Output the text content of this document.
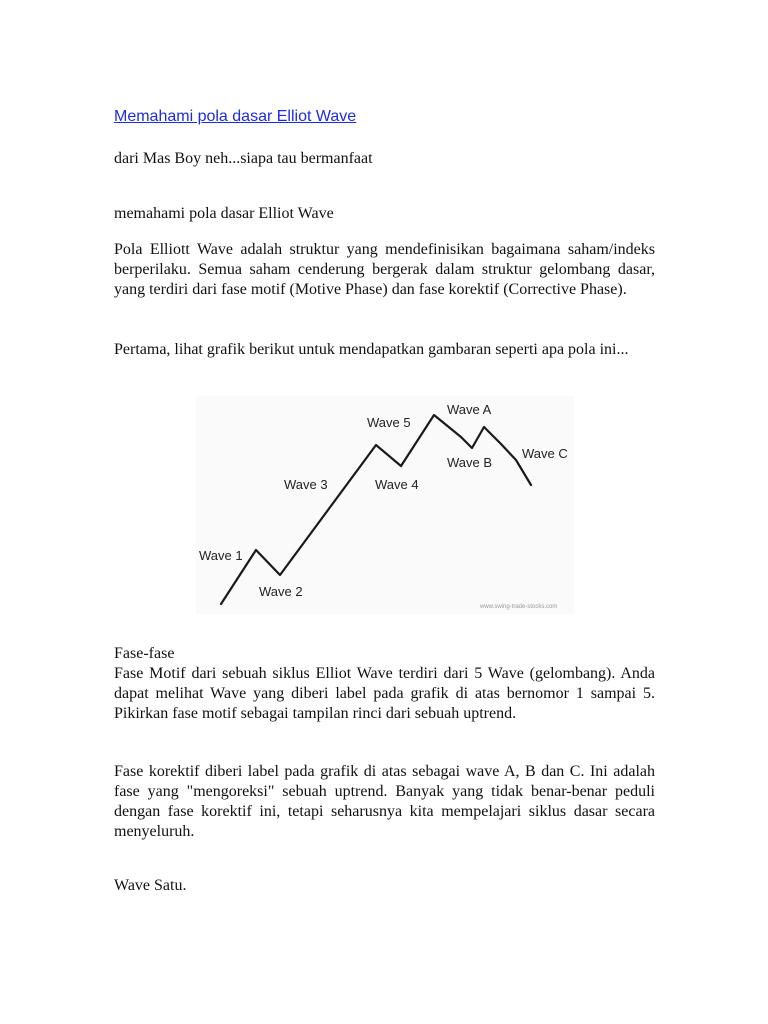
Memahami pola dasar Elliot Wave
dari Mas Boy neh...siapa tau bermanfaat
memahami pola dasar Elliot Wave
Pola Elliott Wave adalah struktur yang mendefinisikan bagaimana saham/indeks berperilaku. Semua saham cenderung bergerak dalam struktur gelombang dasar, yang terdiri dari fase motif (Motive Phase) dan fase korektif (Corrective Phase).
Pertama, lihat grafik berikut untuk mendapatkan gambaran seperti apa pola ini...
Wave 1
Wave 2
Wave 3	Wave 4
Wave 5
Wave A
Wave B
Wave C
www.swing-trade-stocks.com
Fase-fase
Fase Motif dari sebuah siklus Elliot Wave terdiri dari 5 Wave (gelombang). Anda dapat melihat Wave yang diberi label pada grafik di atas bernomor 1 sampai 5. Pikirkan fase motif sebagai tampilan rinci dari sebuah uptrend.
Fase korektif diberi label pada grafik di atas sebagai wave A, B dan C. Ini adalah fase yang "mengoreksi" sebuah uptrend. Banyak yang tidak benar-benar peduli dengan fase korektif ini, tetapi seharusnya kita mempelajari siklus dasar secara menyeluruh.
Wave Satu.
